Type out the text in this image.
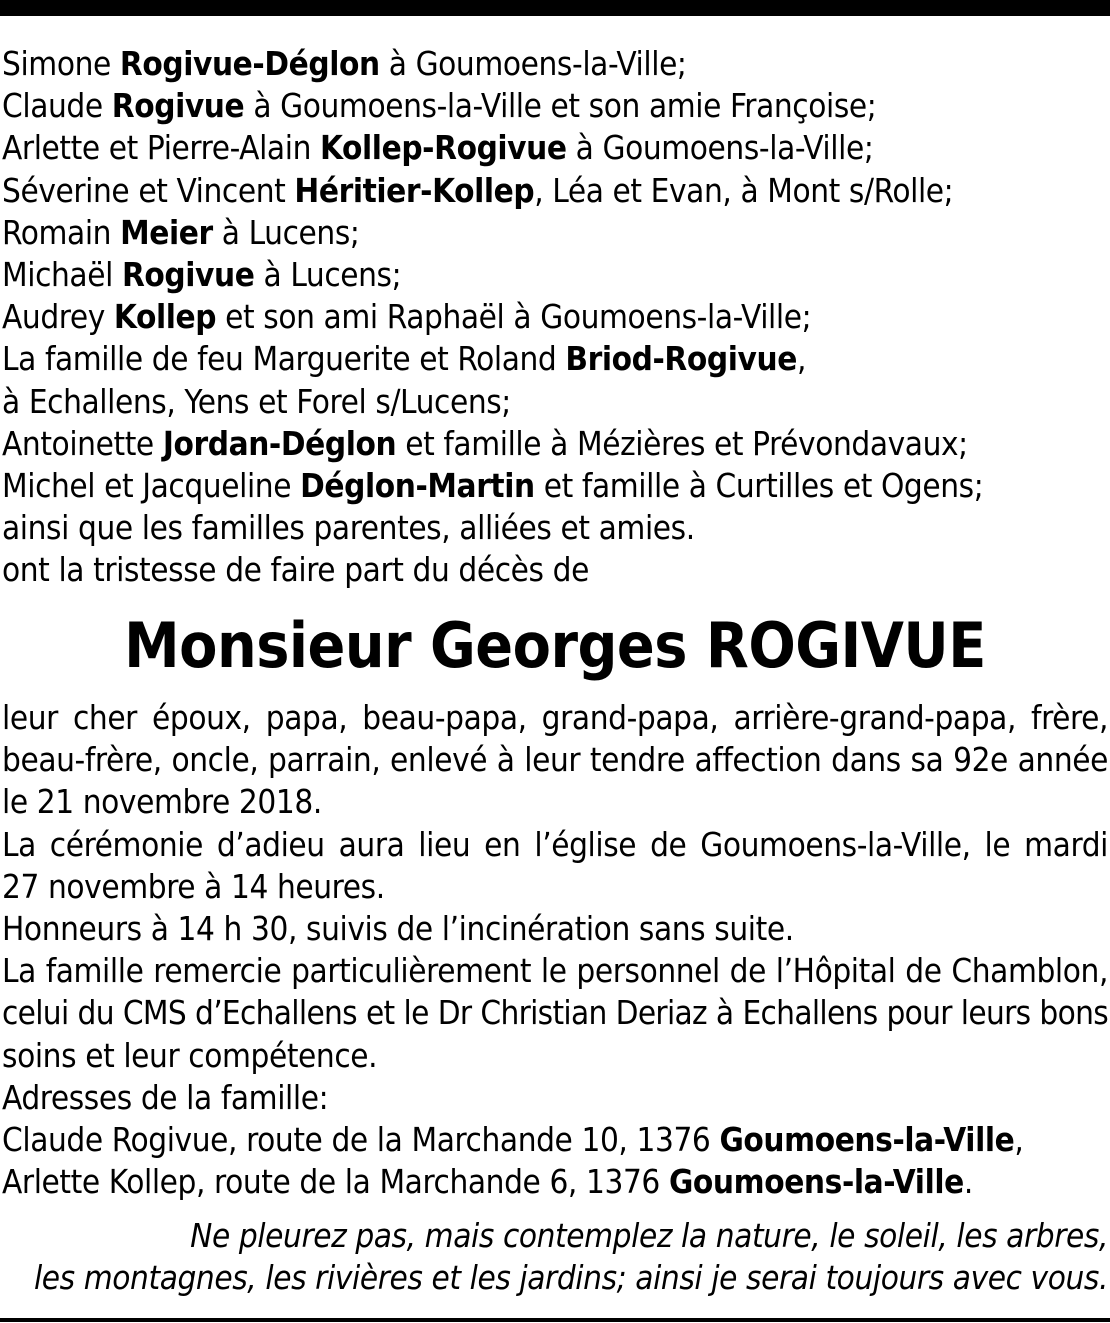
Simone Rogivue-Déglon à Goumoens-la-Ville;
Claude Rogivue à Goumoens-la-Ville et son amie Françoise;
Arlette et Pierre-Alain Kollep-Rogivue à Goumoens-la-Ville;
Séverine et Vincent Héritier-Kollep, Léa et Evan, à Mont s/Rolle;
Romain Meier à Lucens;
Michaël Rogivue à Lucens;
Audrey Kollep et son ami Raphaël à Goumoens-la-Ville;
La famille de feu Marguerite et Roland Briod-Rogivue,
à Echallens, Yens et Forel s/Lucens;
Antoinette Jordan-Déglon et famille à Mézières et Prévondavaux;
Michel et Jacqueline Déglon-Martin et famille à Curtilles et Ogens;
ainsi que les familles parentes, alliées et amies.
ont la tristesse de faire part du décès de
Monsieur Georges ROGIVUE
leur cher époux, papa, beau-papa, grand-papa, arrière-grand-papa, frère,
beau-frère, oncle, parrain, enlevé à leur tendre affection dans sa 92e année
le 21 novembre 2018.
La cérémonie d’adieu aura lieu en l’église de Goumoens-la-Ville, le mardi
27 novembre à 14 heures.
Honneurs à 14 h 30, suivis de l’incinération sans suite.
La famille remercie particulièrement le personnel de l’Hôpital de Chamblon,
celui du CMS d’Echallens et le Dr Christian Deriaz à Echallens pour leurs bons
soins et leur compétence.
Adresses de la famille:
Claude Rogivue, route de la Marchande 10, 1376 Goumoens-la-Ville,
Arlette Kollep, route de la Marchande 6, 1376 Goumoens-la-Ville.
Ne pleurez pas, mais contemplez la nature, le soleil, les arbres,
les montagnes, les rivières et les jardins; ainsi je serai toujours avec vous.
